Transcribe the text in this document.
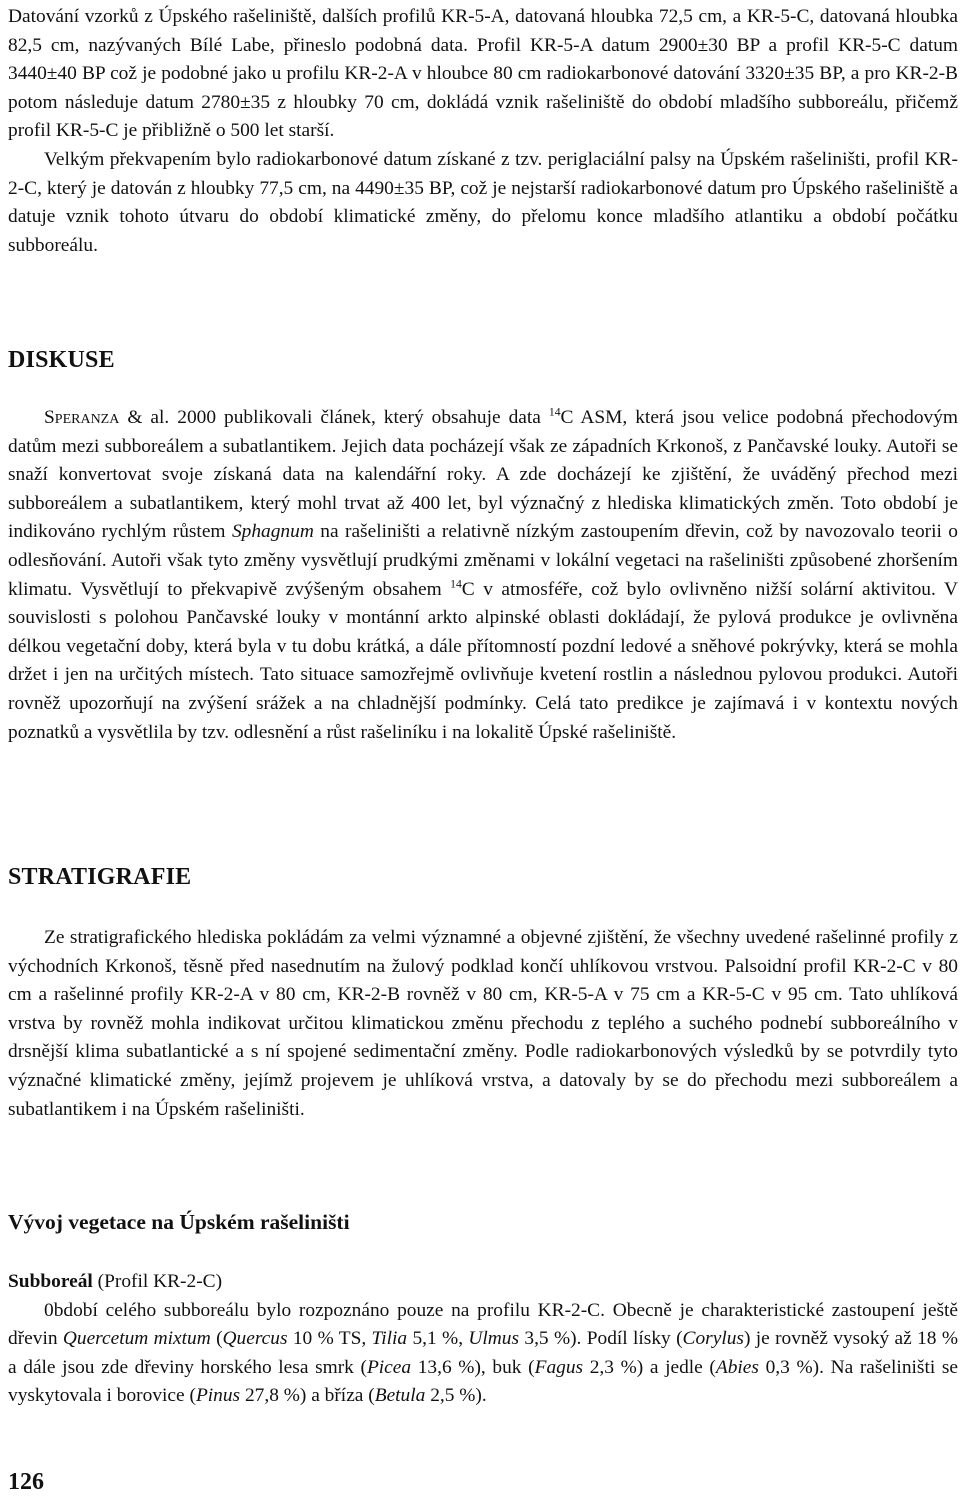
Datování vzorků z Úpského rašeliniště, dalších profilů KR-5-A, datovaná hloubka 72,5 cm, a KR-5-C, datovaná hloubka 82,5 cm, nazývaných Bílé Labe, přineslo podobná data. Profil KR-5-A datum 2900±30 BP a profil KR-5-C datum 3440±40 BP což je podobné jako u profilu KR-2-A v hloubce 80 cm radiokarbonové datování 3320±35 BP, a pro KR-2-B potom následuje datum 2780±35 z hloubky 70 cm, dokládá vznik rašeliniště do období mladšího subboreálu, přičemž profil KR-5-C je přibližně o 500 let starší.

Velkým překvapením bylo radiokarbonové datum získané z tzv. periglaciální palsy na Úpském rašeliništi, profil KR-2-C, který je datován z hloubky 77,5 cm, na 4490±35 BP, což je nejstarší radiokarbonové datum pro Úpského rašeliniště a datuje vznik tohoto útvaru do období klimatické změny, do přelomu konce mladšího atlantiku a období počátku subboreálu.

DISKUSE

Speranza & al. 2000 publikovali článek, který obsahuje data $^{14}$C ASM, která jsou velice podobná přechodovým datům mezi subboreálem a subatlantikem. Jejich data pocházejí však ze západních Krkonoš, z Pančavské louky. Autoři se snaží konvertovat svoje získaná data na kalendářní roky. A zde docházejí ke zjištění, že uváděný přechod mezi subboreálem a subatlantikem, který mohl trvat až 400 let, byl význačný z hlediska klimatických změn. Toto období je indikováno rychlým růstem Sphagnum na rašeliništi a relativně nízkým zastoupením dřevin, což by navozovalo teorii o odlesňování. Autoři však tyto změny vysvětlují prudkými změnami v lokální vegetaci na rašeliništi způsobené zhoršením klimatu. Vysvětlují to překvapivě zvýšeným obsahem $^{14}$C v atmosféře, což bylo ovlivněno nižší solární aktivitou. V souvislosti s polohou Pančavské louky v montánní arkto alpinské oblasti dokládají, že pylová produkce je ovlivněna délkou vegetační doby, která byla v tu dobu krátká, a dále přítomností pozdní ledové a sněhové pokrývky, která se mohla držet i jen na určitých místech. Tato situace samozřejmě ovlivňuje kvetení rostlin a následnou pylovou produkci. Autoři rovněž upozorňují na zvýšení srážek a na chladnější podmínky. Celá tato predikce je zajímavá i v kontextu nových poznatků a vysvětlila by tzv. odlesnění a růst rašeliníku i na lokalitě Úpské rašeliniště.

STRATIGRAFIE

Ze stratigrafického hlediska pokládám za velmi významné a objevné zjištění, že všechny uvedené rašelinné profily z východních Krkonoš, těsně před nasednutím na žulový podklad končí uhlíkovou vrstvou. Palsoidní profil KR-2-C v 80 cm a rašelinné profily KR-2-A v 80 cm, KR-2-B rovněž v 80 cm, KR-5-A v 75 cm a KR-5-C v 95 cm. Tato uhlíková vrstva by rovněž mohla indikovat určitou klimatickou změnu přechodu z teplého a suchého podnebí subboreálního v drsnější klima subatlantické a s ní spojené sedimentační změny. Podle radiokarbonových výsledků by se potvrdily tyto význačné klimatické změny, jejímž projevem je uhlíková vrstva, a datovaly by se do přechodu mezi subboreálem a subatlantikem i na Úpském rašeliništi.

Vývoj vegetace na Úpském rašeliništi

Subboreál (Profil KR-2-C)

0bdobí celého subboreálu bylo rozpoznáno pouze na profilu KR-2-C. Obecně je charakteristické zastoupení ještě dřevin Quercetum mixtum (Quercus 10 % TS, Tilia 5,1 %, Ulmus 3,5 %). Podíl lísky (Corylus) je rovněž vysoký až 18 % a dále jsou zde dřeviny horského lesa smrk (Picea 13,6 %), buk (Fagus 2,3 %) a jedle (Abies 0,3 %). Na rašeliništi se vyskytovala i borovice (Pinus 27,8 %) a bříza (Betula 2,5 %).

126
